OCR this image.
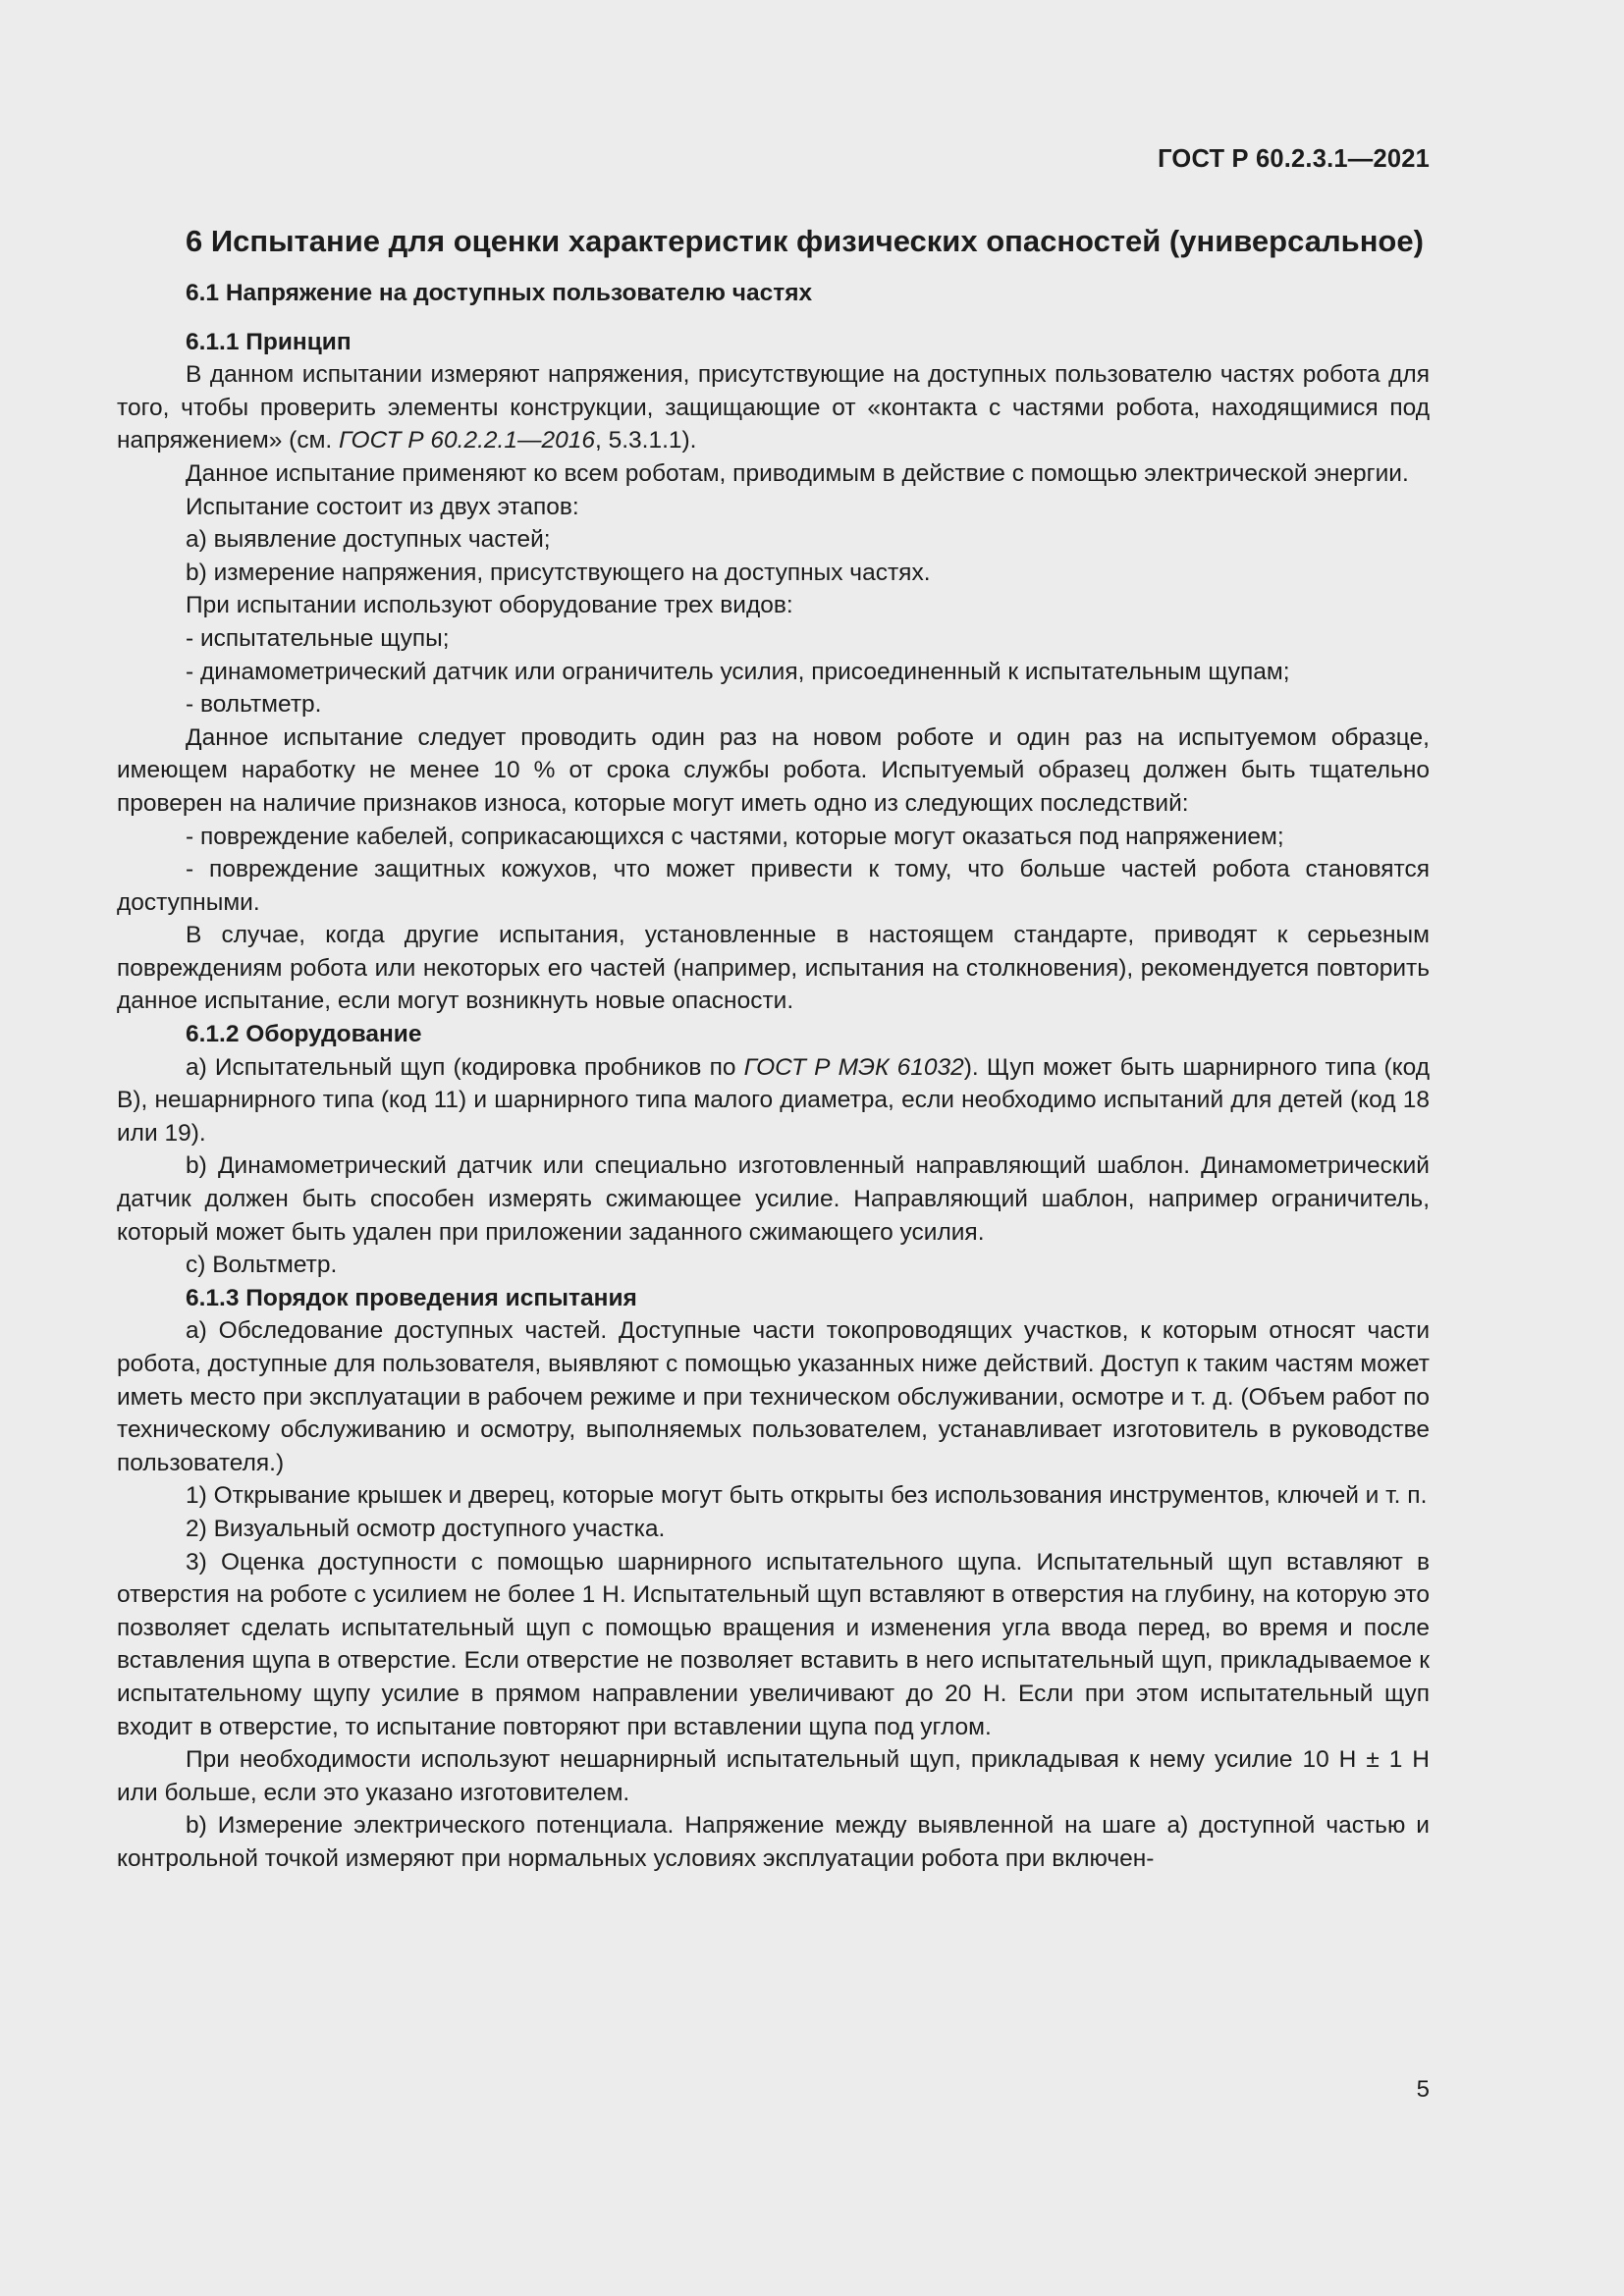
ГОСТ Р 60.2.3.1—2021
6 Испытание для оценки характеристик физических опасностей (универсальное)
6.1 Напряжение на доступных пользователю частях
6.1.1 Принцип
В данном испытании измеряют напряжения, присутствующие на доступных пользователю частях робота для того, чтобы проверить элементы конструкции, защищающие от «контакта с частями робота, находящимися под напряжением» (см. ГОСТ Р 60.2.2.1—2016, 5.3.1.1).
Данное испытание применяют ко всем роботам, приводимым в действие с помощью электрической энергии.
Испытание состоит из двух этапов:
а) выявление доступных частей;
b) измерение напряжения, присутствующего на доступных частях.
При испытании используют оборудование трех видов:
- испытательные щупы;
- динамометрический датчик или ограничитель усилия, присоединенный к испытательным щупам;
- вольтметр.
Данное испытание следует проводить один раз на новом роботе и один раз на испытуемом образце, имеющем наработку не менее 10 % от срока службы робота. Испытуемый образец должен быть тщательно проверен на наличие признаков износа, которые могут иметь одно из следующих последствий:
- повреждение кабелей, соприкасающихся с частями, которые могут оказаться под напряжением;
- повреждение защитных кожухов, что может привести к тому, что больше частей робота становятся доступными.
В случае, когда другие испытания, установленные в настоящем стандарте, приводят к серьезным повреждениям робота или некоторых его частей (например, испытания на столкновения), рекомендуется повторить данное испытание, если могут возникнуть новые опасности.
6.1.2 Оборудование
а) Испытательный щуп (кодировка пробников по ГОСТ Р МЭК 61032). Щуп может быть шарнирного типа (код B), нешарнирного типа (код 11) и шарнирного типа малого диаметра, если необходимо испытаний для детей (код 18 или 19).
b) Динамометрический датчик или специально изготовленный направляющий шаблон. Динамометрический датчик должен быть способен измерять сжимающее усилие. Направляющий шаблон, например ограничитель, который может быть удален при приложении заданного сжимающего усилия.
c) Вольтметр.
6.1.3 Порядок проведения испытания
а) Обследование доступных частей. Доступные части токопроводящих участков, к которым относят части робота, доступные для пользователя, выявляют с помощью указанных ниже действий. Доступ к таким частям может иметь место при эксплуатации в рабочем режиме и при техническом обслуживании, осмотре и т. д. (Объем работ по техническому обслуживанию и осмотру, выполняемых пользователем, устанавливает изготовитель в руководстве пользователя.)
1) Открывание крышек и дверец, которые могут быть открыты без использования инструментов, ключей и т. п.
2) Визуальный осмотр доступного участка.
3) Оценка доступности с помощью шарнирного испытательного щупа. Испытательный щуп вставляют в отверстия на роботе с усилием не более 1 Н. Испытательный щуп вставляют в отверстия на глубину, на которую это позволяет сделать испытательный щуп с помощью вращения и изменения угла ввода перед, во время и после вставления щупа в отверстие. Если отверстие не позволяет вставить в него испытательный щуп, прикладываемое к испытательному щупу усилие в прямом направлении увеличивают до 20 Н. Если при этом испытательный щуп входит в отверстие, то испытание повторяют при вставлении щупа под углом.
При необходимости используют нешарнирный испытательный щуп, прикладывая к нему усилие 10 Н ± 1 Н или больше, если это указано изготовителем.
b) Измерение электрического потенциала. Напряжение между выявленной на шаге а) доступной частью и контрольной точкой измеряют при нормальных условиях эксплуатации робота при включен-
5
